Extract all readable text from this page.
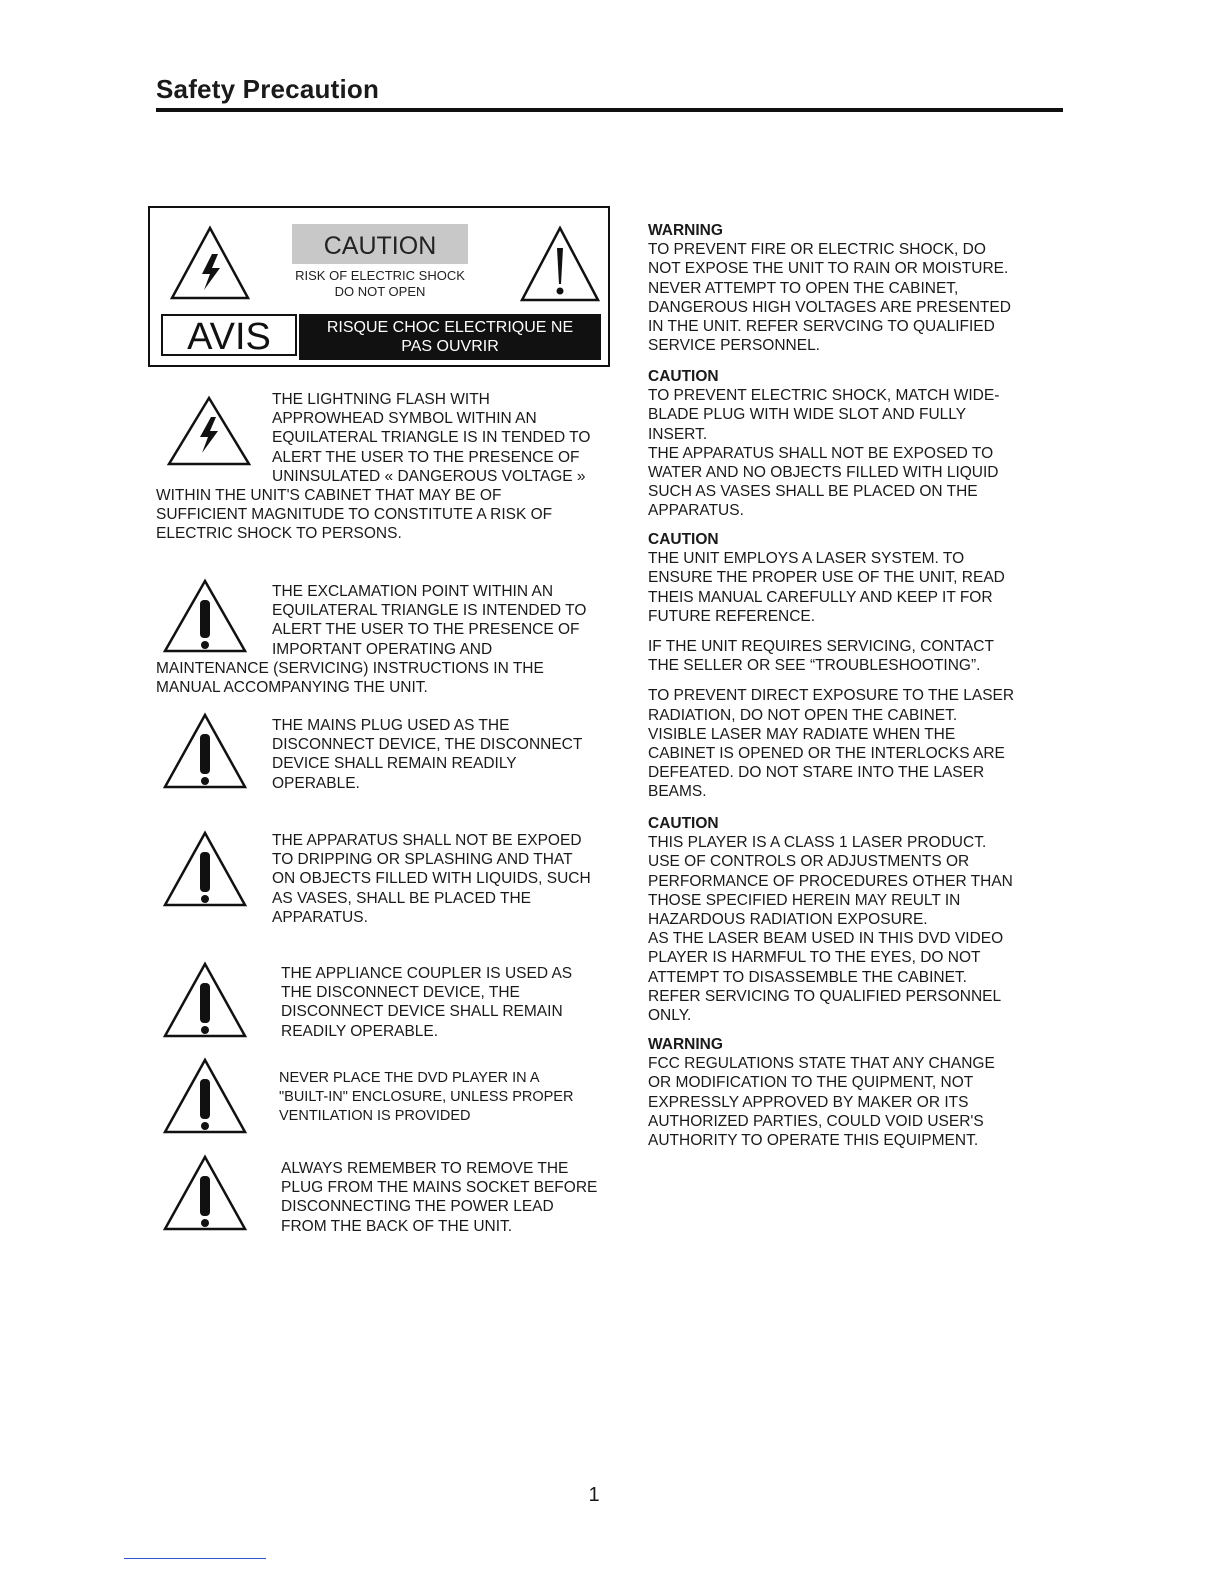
Safety Precaution
CAUTION
RISK OF ELECTRIC SHOCK
DO NOT OPEN
AVIS	RISQUE CHOC ELECTRIQUE NE
PAS OUVRIR
THE LIGHTNING FLASH WITH
APPROWHEAD SYMBOL WITHIN AN
EQUILATERAL TRIANGLE IS IN TENDED TO
ALERT THE USER TO THE PRESENCE OF
UNINSULATED « DANGEROUS VOLTAGE »
WITHIN THE UNIT'S CABINET THAT MAY BE OF
SUFFICIENT MAGNITUDE TO CONSTITUTE A RISK OF
ELECTRIC SHOCK TO PERSONS.
THE EXCLAMATION POINT WITHIN AN
EQUILATERAL TRIANGLE IS INTENDED TO
ALERT THE USER TO THE PRESENCE OF
IMPORTANT OPERATING AND
MAINTENANCE (SERVICING) INSTRUCTIONS IN THE
MANUAL ACCOMPANYING THE UNIT.
THE MAINS PLUG USED AS THE
DISCONNECT DEVICE, THE DISCONNECT
DEVICE SHALL REMAIN READILY
OPERABLE.
THE APPARATUS SHALL NOT BE EXPOED
TO DRIPPING OR SPLASHING AND THAT
ON OBJECTS FILLED WITH LIQUIDS, SUCH
AS VASES, SHALL BE PLACED THE
APPARATUS.
THE APPLIANCE COUPLER IS USED AS
THE DISCONNECT DEVICE, THE
DISCONNECT DEVICE SHALL REMAIN
READILY OPERABLE.
NEVER PLACE THE DVD PLAYER IN A
"BUILT-IN" ENCLOSURE, UNLESS PROPER
VENTILATION IS PROVIDED
ALWAYS REMEMBER TO REMOVE THE
PLUG FROM THE MAINS SOCKET BEFORE
DISCONNECTING THE POWER LEAD
FROM THE BACK OF THE UNIT.
WARNING
TO PREVENT FIRE OR ELECTRIC SHOCK, DO
NOT EXPOSE THE UNIT TO RAIN OR MOISTURE.
NEVER ATTEMPT TO OPEN THE CABINET,
DANGEROUS HIGH VOLTAGES ARE PRESENTED
IN THE UNIT. REFER SERVCING TO QUALIFIED
SERVICE PERSONNEL.
CAUTION
TO PREVENT ELECTRIC SHOCK, MATCH WIDE-
BLADE PLUG WITH WIDE SLOT AND FULLY
INSERT.
THE APPARATUS SHALL NOT BE EXPOSED TO
WATER AND NO OBJECTS FILLED WITH LIQUID
SUCH AS VASES SHALL BE PLACED ON THE
APPARATUS.
CAUTION
THE UNIT EMPLOYS A LASER SYSTEM. TO
ENSURE THE PROPER USE OF THE UNIT, READ
THEIS MANUAL CAREFULLY AND KEEP IT FOR
FUTURE REFERENCE.
IF THE UNIT REQUIRES SERVICING, CONTACT
THE SELLER OR SEE “TROUBLESHOOTING”.
TO PREVENT DIRECT EXPOSURE TO THE LASER
RADIATION, DO NOT OPEN THE CABINET.
VISIBLE LASER MAY RADIATE WHEN THE
CABINET IS OPENED OR THE INTERLOCKS ARE
DEFEATED. DO NOT STARE INTO THE LASER
BEAMS.
CAUTION
THIS PLAYER IS A CLASS 1 LASER PRODUCT.
USE OF CONTROLS OR ADJUSTMENTS OR
PERFORMANCE OF PROCEDURES OTHER THAN
THOSE SPECIFIED HEREIN MAY REULT IN
HAZARDOUS RADIATION EXPOSURE.
AS THE LASER BEAM USED IN THIS DVD VIDEO
PLAYER IS HARMFUL TO THE EYES, DO NOT
ATTEMPT TO DISASSEMBLE THE CABINET.
REFER SERVICING TO QUALIFIED PERSONNEL
ONLY.
WARNING
FCC REGULATIONS STATE THAT ANY CHANGE
OR MODIFICATION TO THE QUIPMENT, NOT
EXPRESSLY APPROVED BY MAKER OR ITS
AUTHORIZED PARTIES, COULD VOID USER'S
AUTHORITY TO OPERATE THIS EQUIPMENT.
1
